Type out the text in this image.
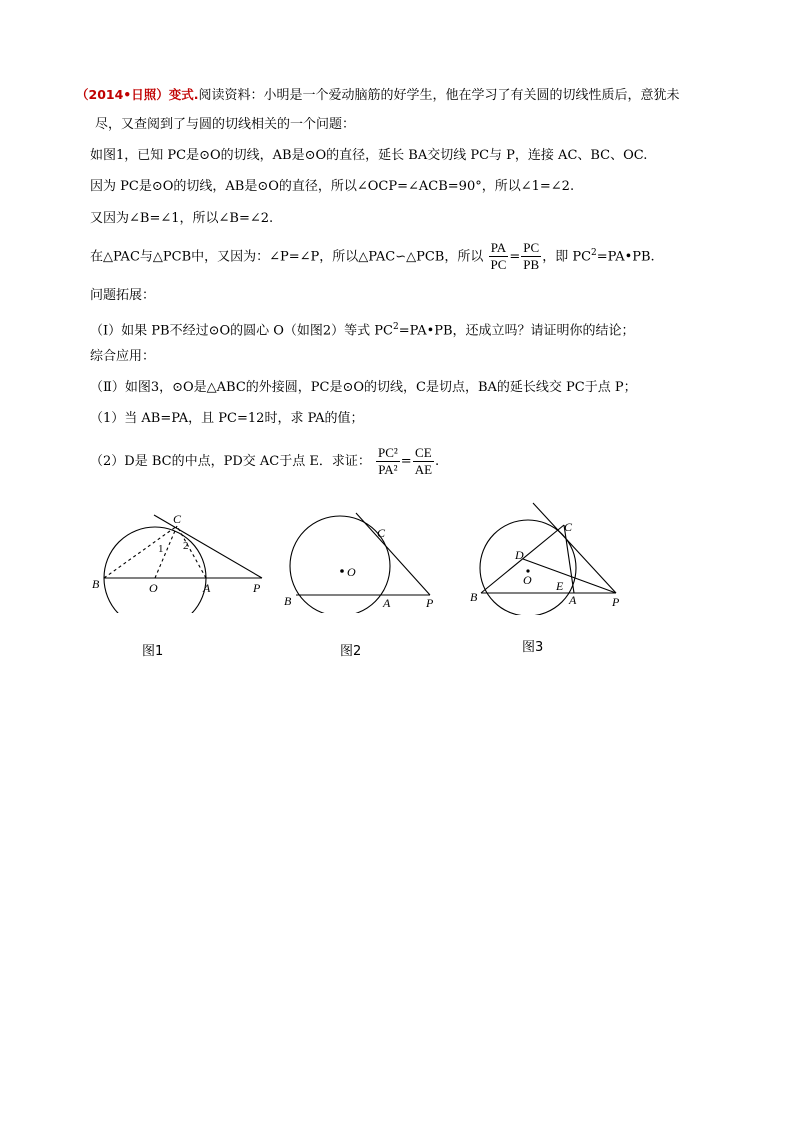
（2014•日照）变式.阅读资料：小明是一个爱动脑筋的好学生，他在学习了有关圆的切线性质后，意犹未
尽，又查阅到了与圆的切线相关的一个问题：
如图1，已知 PC是⊙O的切线，AB是⊙O的直径，延长 BA交切线 PC与 P，连接 AC、BC、OC.
因为 PC是⊙O的切线，AB是⊙O的直径，所以∠OCP=∠ACB=90°，所以∠1=∠2.
又因为∠B=∠1，所以∠B=∠2.
在△PAC与△PCB中，又因为：∠P=∠P，所以△PAC∽△PCB，所以 $\frac{PA}{PC} = \frac{PC}{PB}$ ，即 $PC^2=PA•PB$.
问题拓展：
（Ⅰ）如果 PB不经过⊙O的圆心 O（如图2）等式 $PC^2=PA•PB$，还成立吗？请证明你的结论；
综合应用：
（Ⅱ）如图3，⊙O是△ABC的外接圆，PC是⊙O的切线，C是切点，BA的延长线交 PC于点 P；
（1）当 AB=PA，且 PC=12时，求 PA的值；
（2）D是 BC的中点，PD交 AC于点 E．求证： $\frac{\text{PC²}}{\text{PA²}} = \frac{CE}{AE}$ .
C
B	O	A	P
1 2
图1
C
B
O
A	P
图2
C
B
O
A	P
D
E
图3
